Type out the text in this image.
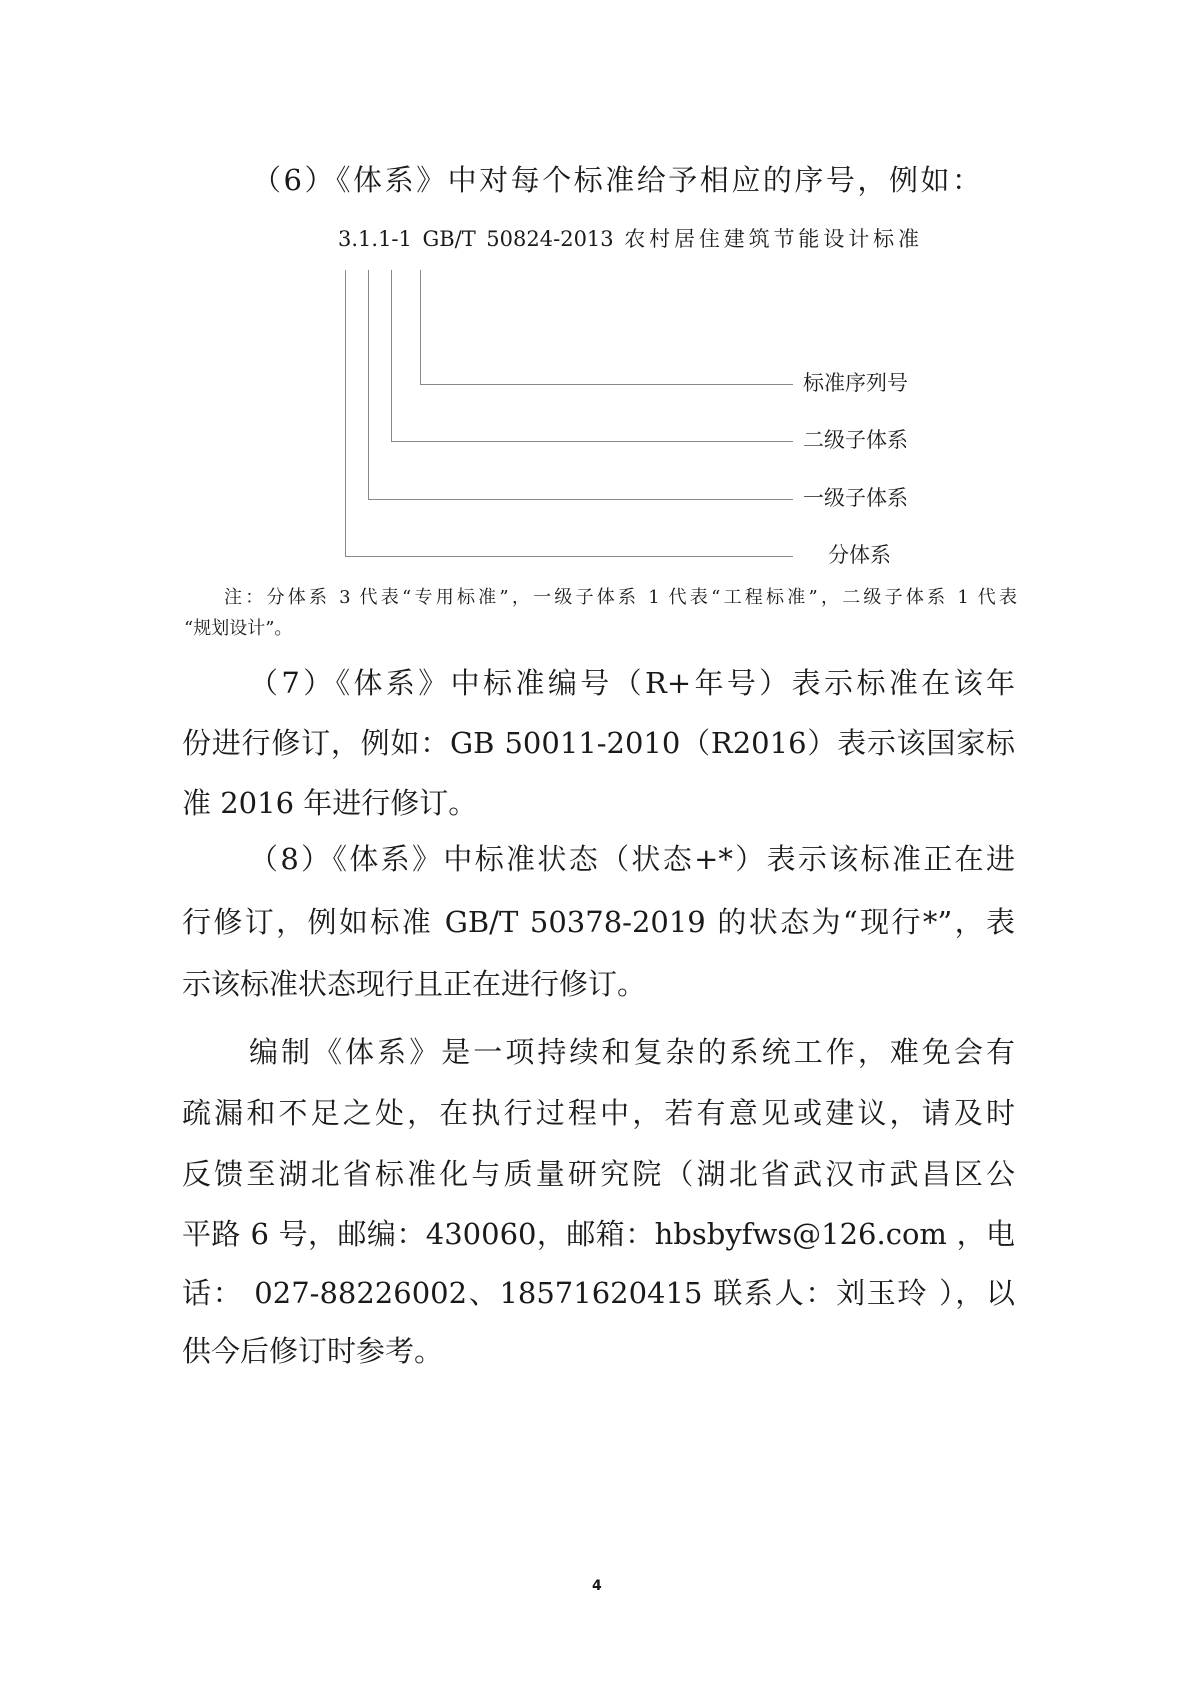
（6）《体系》中对每个标准给予相应的序号，例如：
3.1.1-1 GB/T 50824-2013 农村居住建筑节能设计标准
标准序列号
二级子体系
一级子体系
分体系
注：分体系 3 代表“专用标准”，一级子体系 1 代表“工程标准”，二级子体系 1 代表
“规划设计”。
（7）《体系》中标准编号（R+年号）表示标准在该年
份进行修订，例如：GB 50011-2010（R2016）表示该国家标
准 2016 年进行修订。
（8）《体系》中标准状态（状态+*）表示该标准正在进
行修订，例如标准 GB/T 50378-2019 的状态为“现行*”，表
示该标准状态现行且正在进行修订。
编制《体系》是一项持续和复杂的系统工作，难免会有
疏漏和不足之处，在执行过程中，若有意见或建议，请及时
反馈至湖北省标准化与质量研究院（湖北省武汉市武昌区公
平路 6 号，邮编：430060，邮箱：hbsbyfws@126.com ，电
话： 027-88226002、18571620415 联系人：刘玉玲 ），以
供今后修订时参考。
4
